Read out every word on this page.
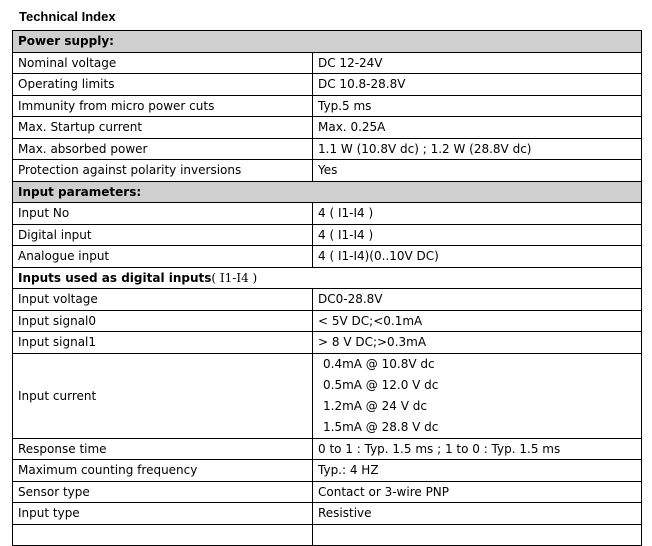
Technical Index
Power supply:	
Nominal voltage	DC 12-24V
Operating limits	DC 10.8-28.8V
Immunity from micro power cuts	Typ.5 ms
Max. Startup current	Max. 0.25A
Max. absorbed power	1.1 W (10.8V dc) ; 1.2 W (28.8V dc)
Protection against polarity inversions	Yes
Input parameters:	
Input No	4 ( I1-I4 )
Digital input	4 ( I1-I4 )
Analogue input	4 ( I1-I4)(0..10V DC)
Inputs used as digital inputs( I1-I4 )	
Input voltage	DC0-28.8V
Input signal0	< 5V DC;<0.1mA
Input signal1	> 8 V DC;>0.3mA
Input current	0.4mA @ 10.8V dc
0.5mA @ 12.0 V dc
1.2mA @ 24 V dc
1.5mA @ 28.8 V dc

Response time	0 to 1 : Typ. 1.5 ms ; 1 to 0 : Typ. 1.5 ms
Maximum counting frequency	Typ.: 4 HZ
Sensor type	Contact or 3-wire PNP
Input type	Resistive
